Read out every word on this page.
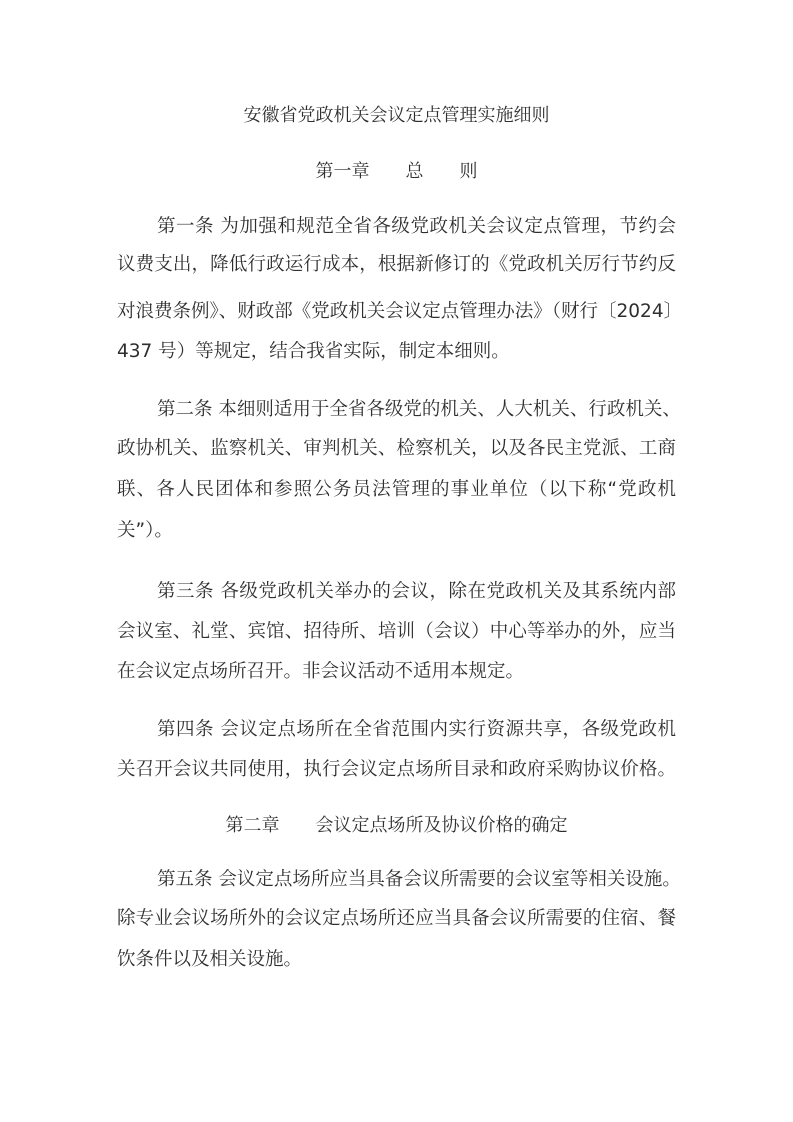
安徽省党政机关会议定点管理实施细则
第一章　　总　　则
第一条 为加强和规范全省各级党政机关会议定点管理，节约会
议费支出，降低行政运行成本，根据新修订的《党政机关厉行节约反
对浪费条例》、财政部《党政机关会议定点管理办法》（财行〔2024〕
437 号）等规定，结合我省实际，制定本细则。
第二条 本细则适用于全省各级党的机关、人大机关、行政机关、
政协机关、监察机关、审判机关、检察机关，以及各民主党派、工商
联、各人民团体和参照公务员法管理的事业单位（以下称“党政机
关”）。
第三条 各级党政机关举办的会议，除在党政机关及其系统内部
会议室、礼堂、宾馆、招待所、培训（会议）中心等举办的外，应当
在会议定点场所召开。非会议活动不适用本规定。
第四条 会议定点场所在全省范围内实行资源共享，各级党政机
关召开会议共同使用，执行会议定点场所目录和政府采购协议价格。
第二章　　会议定点场所及协议价格的确定
第五条 会议定点场所应当具备会议所需要的会议室等相关设施。
除专业会议场所外的会议定点场所还应当具备会议所需要的住宿、餐
饮条件以及相关设施。
